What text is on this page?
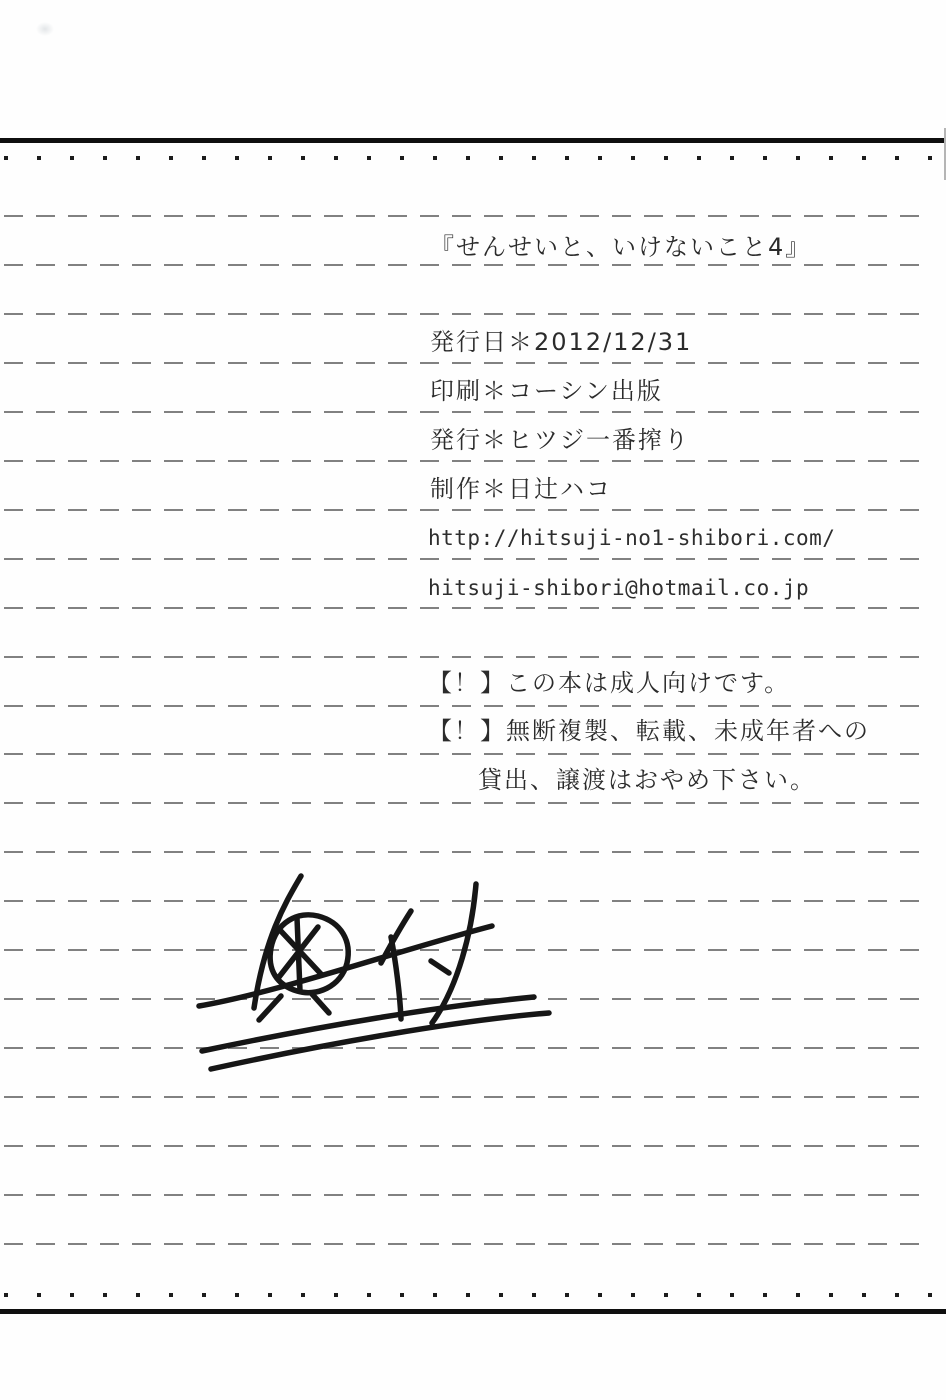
『せんせいと、いけないこと4』
発行日＊2012/12/31
印刷＊コーシン出版
発行＊ヒツジ一番搾り
制作＊日辻ハコ
http://hitsuji-no1-shibori.com/
hitsuji-shibori@hotmail.co.jp
【！】この本は成人向けです。
【！】無断複製、転載、未成年者への
貸出、譲渡はおやめ下さい。
